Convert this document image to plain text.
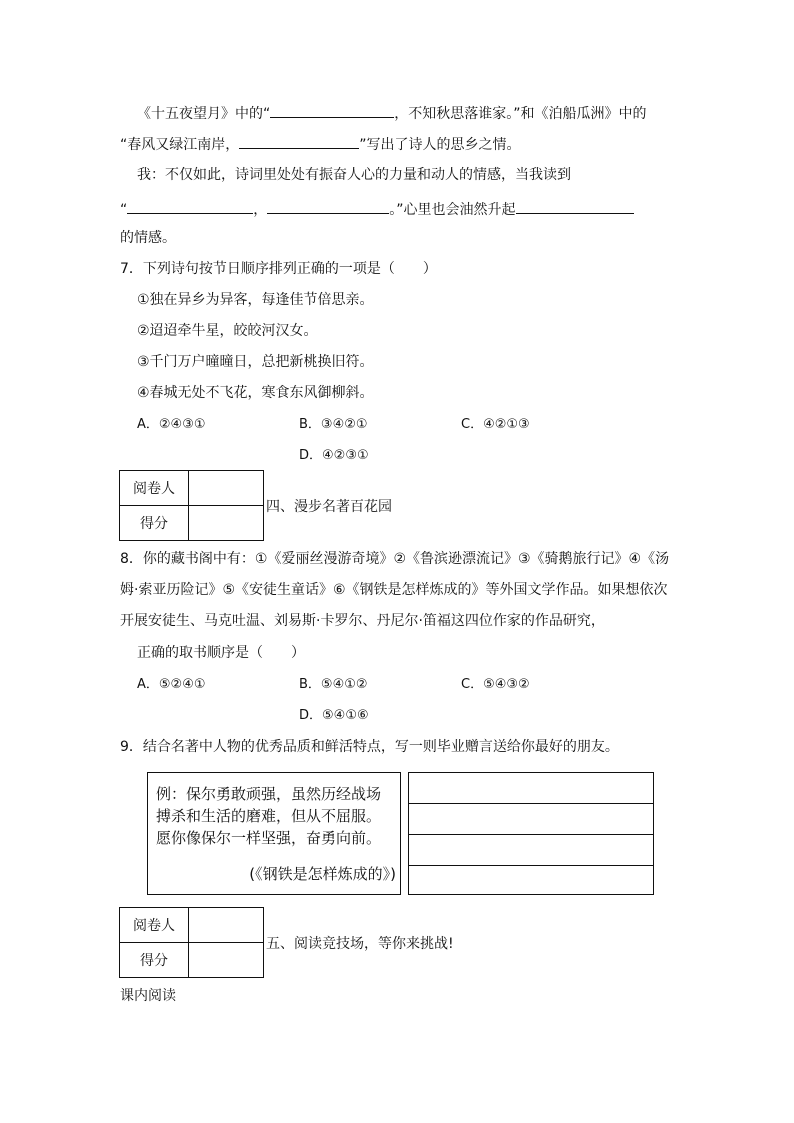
《十五夜望月》中的“	，不知秋思落谁家。”和《泊船瓜洲》中的
“春风又绿江南岸，	”写出了诗人的思乡之情。
我：不仅如此，诗词里处处有振奋人心的力量和动人的情感，当我读到
“	，	。”心里也会油然升起
的情感。
7．下列诗句按节日顺序排列正确的一项是（　　）
①独在异乡为异客，每逢佳节倍思亲。
②迢迢牵牛星，皎皎河汉女。
③千门万户曈曈日，总把新桃换旧符。
④春城无处不飞花，寒食东风御柳斜。
A．②④③①	B．③④②①	C．④②①③
D．④②③①
阅卷人	
得分	
四、漫步名著百花园
8．你的藏书阁中有：①《爱丽丝漫游奇境》②《鲁滨逊漂流记》③《骑鹅旅行记》④《汤
姆·索亚历险记》⑤《安徒生童话》⑥《钢铁是怎样炼成的》等外国文学作品。如果想依次
开展安徒生、马克吐温、刘易斯·卡罗尔、丹尼尔·笛福这四位作家的作品研究，
正确的取书顺序是（　　）
A．⑤②④①	B．⑤④①②	C．⑤④③②
D．⑤④①⑥
9．结合名著中人物的优秀品质和鲜活特点，写一则毕业赠言送给你最好的朋友。
例：保尔勇敢顽强，虽然历经战场搏杀和生活的磨难，但从不屈服。愿你像保尔一样坚强，奋勇向前。
(《钢铁是怎样炼成的》)
阅卷人	
得分	
五、阅读竞技场，等你来挑战!
课内阅读
